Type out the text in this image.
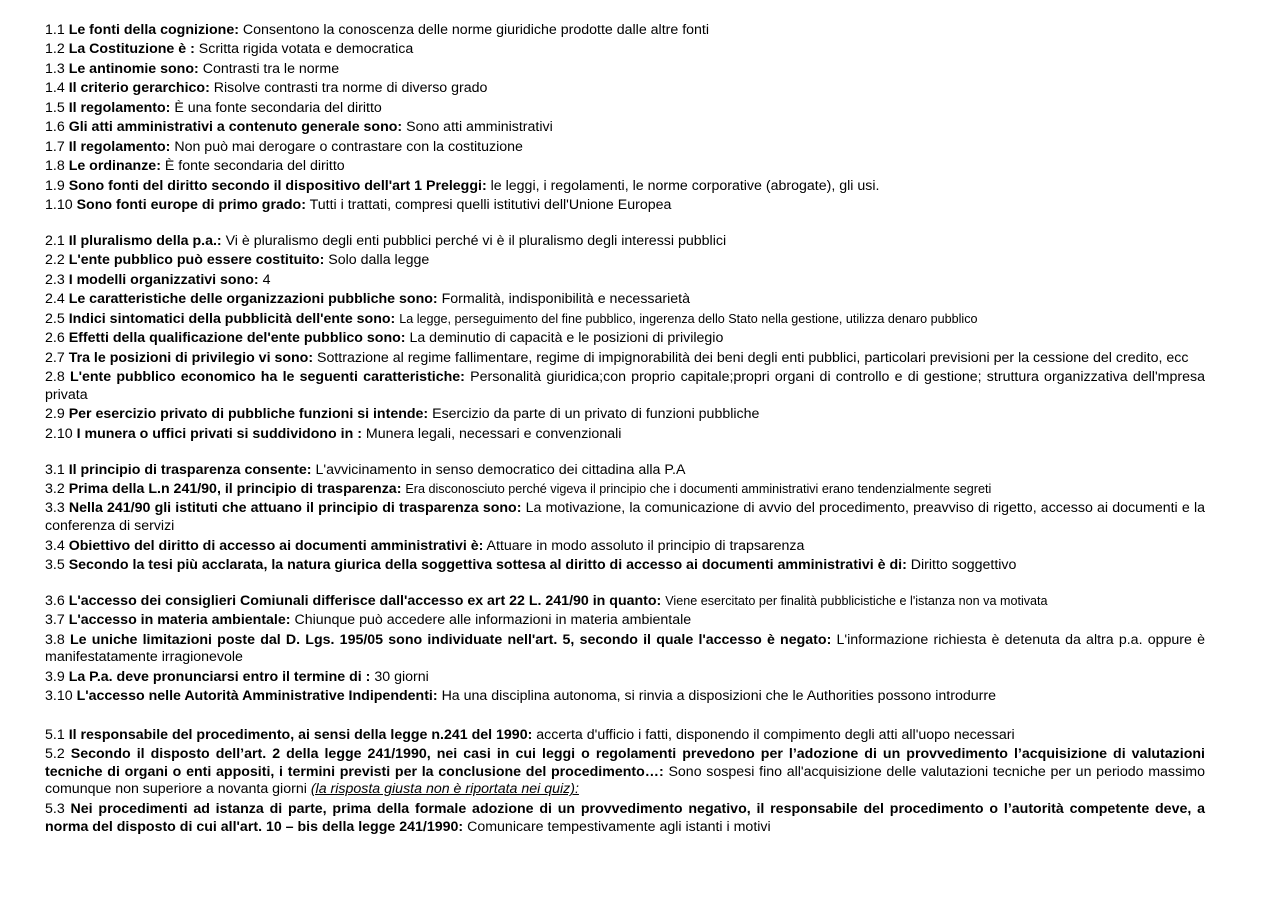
1.1 Le fonti della cognizione: Consentono la conoscenza delle norme giuridiche prodotte dalle altre fonti

1.2 La Costituzione è : Scritta rigida votata e democratica

1.3 Le antinomie sono: Contrasti tra le norme

1.4 Il criterio gerarchico: Risolve contrasti tra norme di diverso grado

1.5 Il regolamento: È una fonte secondaria del diritto

1.6 Gli atti amministrativi a contenuto generale sono: Sono atti amministrativi

1.7 Il regolamento: Non può mai derogare o contrastare con la costituzione

1.8 Le ordinanze: È fonte secondaria del diritto

1.9 Sono fonti del diritto secondo il dispositivo dell'art 1 Preleggi: le leggi, i regolamenti, le norme corporative (abrogate), gli usi.

1.10 Sono fonti europe di primo grado: Tutti i trattati, compresi quelli istitutivi dell'Unione Europea

2.1 Il pluralismo della p.a.: Vi è pluralismo degli enti pubblici perché vi è il pluralismo degli interessi pubblici

2.2 L'ente pubblico può essere costituito: Solo dalla legge

2.3 I modelli organizzativi sono: 4

2.4 Le caratteristiche delle organizzazioni pubbliche sono: Formalità, indisponibilità e necessarietà

2.5 Indici sintomatici della pubblicità dell'ente sono: La legge, perseguimento del fine pubblico, ingerenza dello Stato nella gestione, utilizza denaro pubblico

2.6 Effetti della qualificazione del'ente pubblico sono: La deminutio di capacità e le posizioni di privilegio

2.7 Tra le posizioni di privilegio vi sono: Sottrazione al regime fallimentare, regime di impignorabilità dei beni degli enti pubblici, particolari previsioni per la cessione del credito, ecc

2.8 L'ente pubblico economico ha le seguenti caratteristiche: Personalità giuridica;con proprio capitale;propri organi di controllo e di gestione; struttura organizzativa dell'mpresa privata

2.9 Per esercizio privato di pubbliche funzioni si intende: Esercizio da parte di un privato di funzioni pubbliche

2.10 I munera o uffici privati si suddividono in : Munera legali, necessari e convenzionali

3.1 Il principio di trasparenza consente: L'avvicinamento in senso democratico dei cittadina alla P.A

3.2 Prima della L.n 241/90, il principio di trasparenza: Era disconosciuto perché vigeva il principio che i documenti amministrativi erano tendenzialmente segreti

3.3 Nella 241/90 gli istituti che attuano il principio di trasparenza sono: La motivazione, la comunicazione di avvio del procedimento, preavviso di rigetto, accesso ai documenti e la conferenza di servizi

3.4 Obiettivo del diritto di accesso ai documenti amministrativi è: Attuare in modo assoluto il principio di trapsarenza

3.5 Secondo la tesi più acclarata, la natura giurica della soggettiva sottesa al diritto di accesso ai documenti amministrativi è di: Diritto soggettivo

3.6 L'accesso dei consiglieri Comiunali differisce dall'accesso ex art 22 L. 241/90 in quanto: Viene esercitato per finalità pubblicistiche e l'istanza non va motivata

3.7 L'accesso in materia ambientale: Chiunque può accedere alle informazioni in materia ambientale

3.8 Le uniche limitazioni poste dal D. Lgs. 195/05 sono individuate nell'art. 5, secondo il quale l'accesso è negato: L'informazione richiesta è detenuta da altra p.a. oppure è manifestatamente irragionevole

3.9 La P.a. deve pronunciarsi entro il termine di : 30 giorni

3.10 L'accesso nelle Autorità Amministrative Indipendenti: Ha una disciplina autonoma, si rinvia a disposizioni che le Authorities possono introdurre

5.1 Il responsabile del procedimento, ai sensi della legge n.241 del 1990: accerta d'ufficio i fatti, disponendo il compimento degli atti all'uopo necessari

5.2 Secondo il disposto dell’art. 2 della legge 241/1990, nei casi in cui leggi o regolamenti prevedono per l’adozione di un provvedimento l’acquisizione di valutazioni tecniche di organi o enti appositi, i termini previsti per la conclusione del procedimento…: Sono sospesi fino all'acquisizione delle valutazioni tecniche per un periodo massimo comunque non superiore a novanta giorni (la risposta giusta non è riportata nei quiz):

5.3 Nei procedimenti ad istanza di parte, prima della formale adozione di un provvedimento negativo, il responsabile del procedimento o l’autorità competente deve, a norma del disposto di cui all'art. 10 – bis della legge 241/1990: Comunicare tempestivamente agli istanti i motivi
